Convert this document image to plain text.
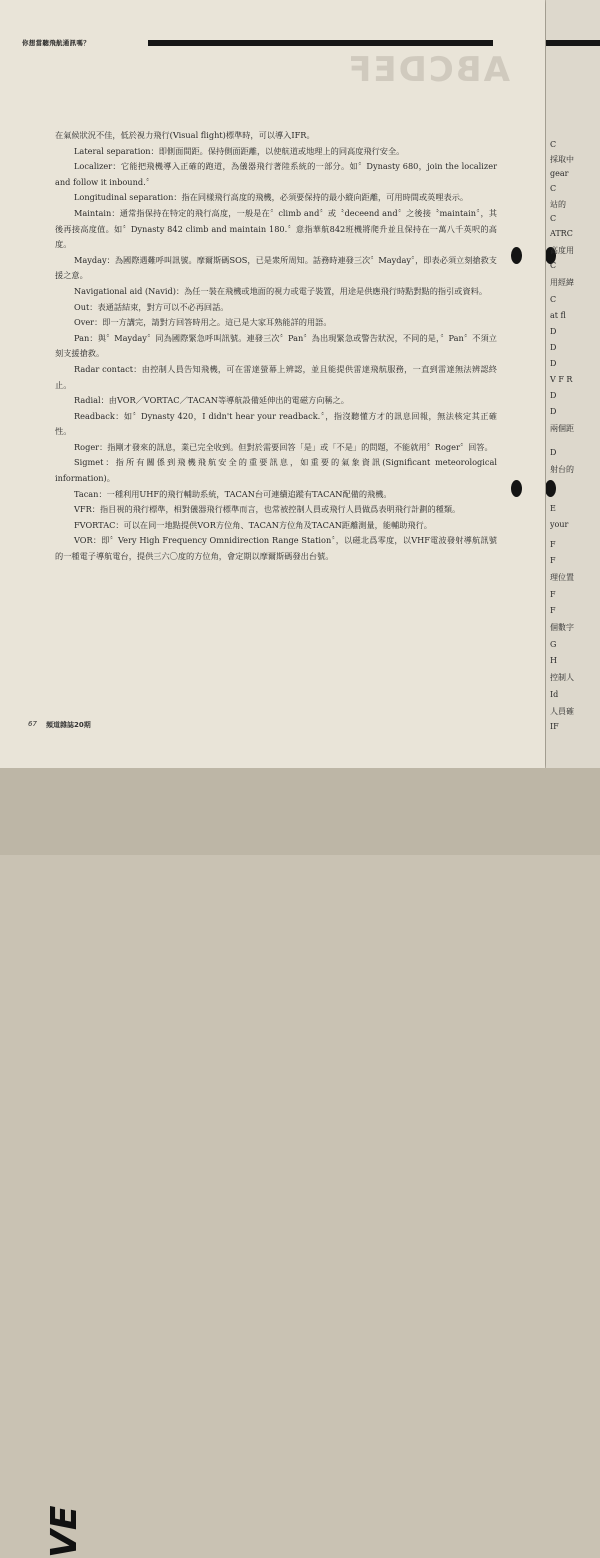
你想當聽飛航通訊嗎？
ABCDEF

在氣候狀況不佳，低於視力飛行(Visual flight)標準時，可以導入IFR。

Lateral separation：即側面間距。保持側面距離，以使航道或地理上的同高度飛行安全。

Localizer：它能把飛機導入正確的跑道，為儀器飛行著陸系統的一部分。如〞Dynasty 680，join the localizer and follow it inbound.〞

Longitudinal separation：指在同樣飛行高度的飛機，必須要保持的最小縱向距離，可用時間或英哩表示。

Maintain：通常指保持在特定的飛行高度，一般是在〞climb and〞或〝deceend and〞之後接〝maintain〞，其後再接高度值。如〞Dynasty 842 climb and maintain 180.〞意指華航842班機將爬升並且保持在一萬八千英呎的高度。

Mayday：為國際遇難呼叫訊號。摩爾斯碼SOS，已是衆所周知。話務時連發三次〞Mayday〞，即表必須立刻搶救支援之意。

Navigational aid (Navid)：為任一裝在飛機或地面的視力或電子裝置，用途是供應飛行時點對點的指引或資料。

Out：表通話結束，對方可以不必再回話。

Over：即一方講完，請對方回答時用之。這已是大家耳熟能詳的用語。

Pan：與〞Mayday〞同為國際緊急呼叫訊號。連發三次〞Pan〞為出現緊急或警告狀況，不同的是，〞Pan〞不須立刻支援搶救。

Radar contact：由控制人員告知飛機，可在雷達螢幕上辨認，並且能提供雷達飛航服務，一直到雷達無法辨認終止。

Radial：由VOR／VORTAC／TACAN等導航設備延伸出的電磁方向稱之。

Readback：如〞Dynasty 420，I didn't hear your readback.〞，指沒聽懂方才的訊息回報，無法核定其正確性。

Roger：指剛才發來的訊息，業已完全收到。但對於需要回答「是」或「不是」的問題，不能就用〞Roger〞回答。

Sigmet：指所有關係到飛機飛航安全的重要訊息，如重要的氣象資訊(Significant meteorological information)。

Tacan：一種利用UHF的飛行輔助系統，TACAN台可連續追蹤有TACAN配備的飛機。

VFR：指目視的飛行標準，相對儀器飛行標準而言，也常被控制人員或飛行人員做爲表明飛行計劃的種類。

FVORTAC：可以在同一地點提供VOR方位角、TACAN方位角及TACAN距離測量，能輔助飛行。

VOR：即〞Very High Frequency Omnidirection Range Station〞，以磁北爲零度，以VHF電波發射導航訊號的一種電子導航電台，提供三六〇度的方位角，會定期以摩爾斯碼發出台號。

67 頻道雜誌20期
C
採取中
gear
C
站的
C
ATRC
高度用
C
用經緯
C
at fl
D
D
D
V F R
D
D
兩個距
D
射台的
E
your
F
F
理位置
F
F
個數字
G
H
控制人
Id
人員確
IF
VE
